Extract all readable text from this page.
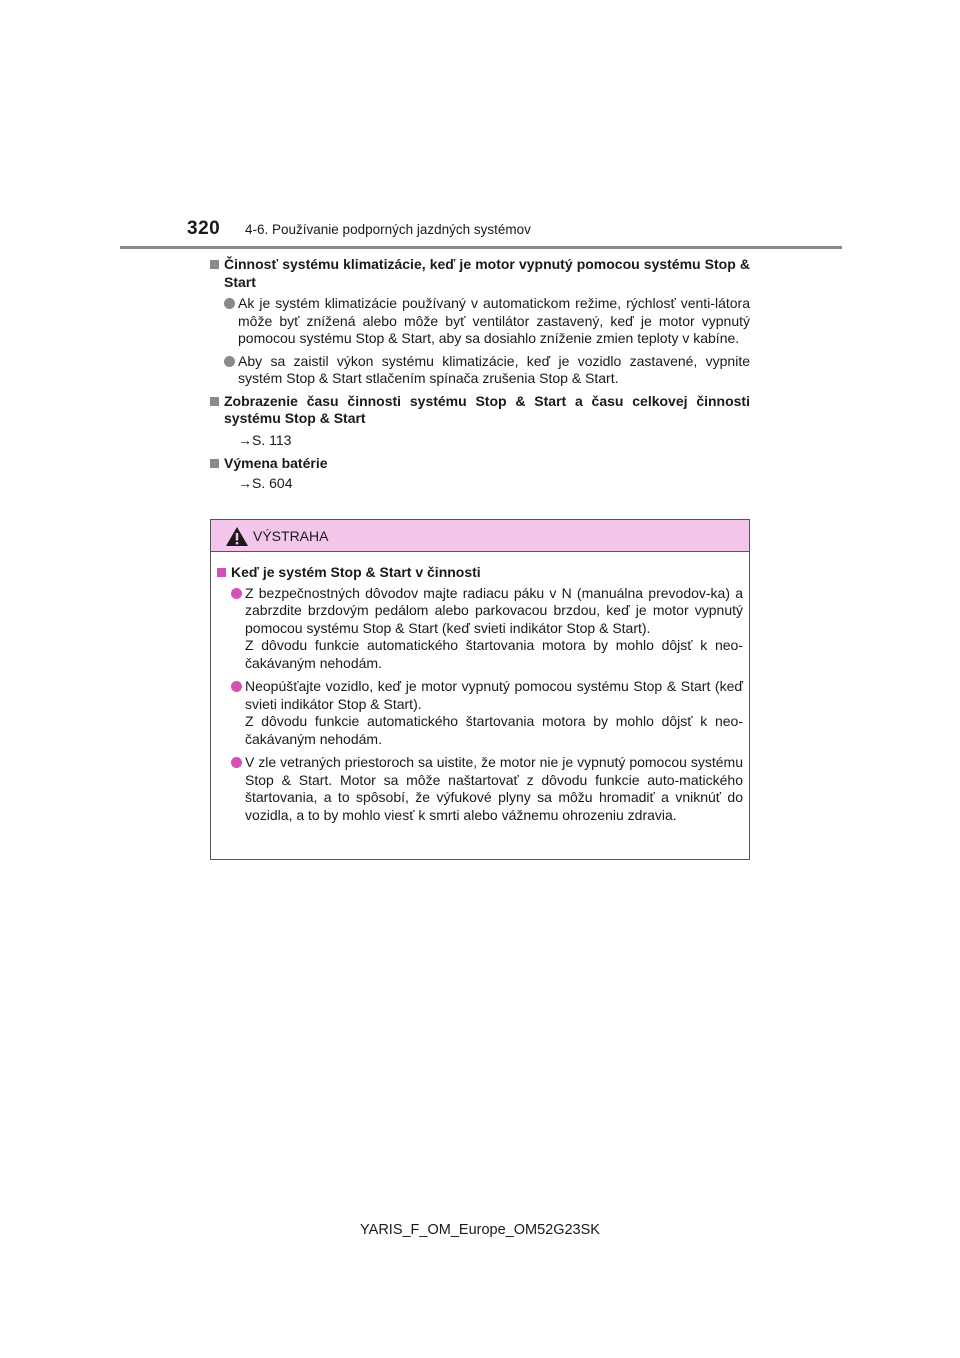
320 4-6. Používanie podporných jazdných systémov
Činnosť systému klimatizácie, keď je motor vypnutý pomocou systému Stop & Start
Ak je systém klimatizácie používaný v automatickom režime, rýchlosť venti-látora môže byť znížená alebo môže byť ventilátor zastavený, keď je motor vypnutý pomocou systému Stop & Start, aby sa dosiahlo zníženie zmien teploty v kabíne.
Aby sa zaistil výkon systému klimatizácie, keď je vozidlo zastavené, vypnite systém Stop & Start stlačením spínača zrušenia Stop & Start.
Zobrazenie času činnosti systému Stop & Start a času celkovej činnosti systému Stop & Start
→S. 113
Výmena batérie
→S. 604
VÝSTRAHA
Keď je systém Stop & Start v činnosti

Z bezpečnostných dôvodov majte radiacu páku v N (manuálna prevodov-ka) a zabrzdite brzdovým pedálom alebo parkovacou brzdou, keď je motor vypnutý pomocou systému Stop & Start (keď svieti indikátor Stop & Start).

Z dôvodu funkcie automatického štartovania motora by mohlo dôjsť k neo-čakávaným nehodám.

Neopúšťajte vozidlo, keď je motor vypnutý pomocou systému Stop & Start (keď svieti indikátor Stop & Start).

Z dôvodu funkcie automatického štartovania motora by mohlo dôjsť k neo-čakávaným nehodám.

V zle vetraných priestoroch sa uistite, že motor nie je vypnutý pomocou systému Stop & Start. Motor sa môže naštartovať z dôvodu funkcie auto-matického štartovania, a to spôsobí, že výfukové plyny sa môžu hromadiť a vniknúť do vozidla, a to by mohlo viesť k smrti alebo vážnemu ohrozeniu zdravia.

YARIS_F_OM_Europe_OM52G23SK
